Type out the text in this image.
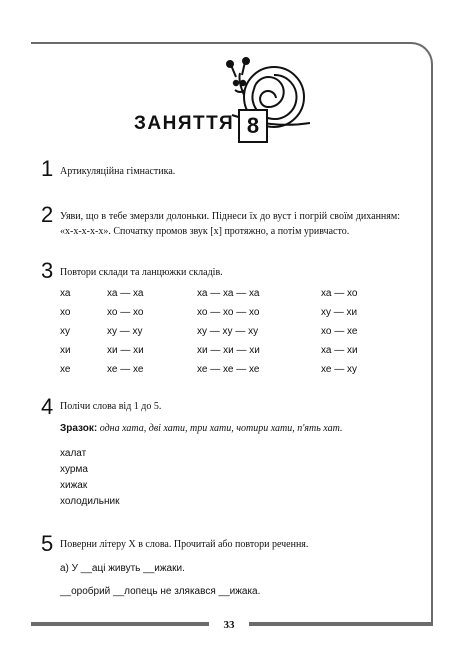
33
ЗАНЯТТЯ 8
1 Артикуляційна гімнастика.
2 Уяви, що в тебе змерзли долоньки. Піднеси їх до вуст і погрій своїм диханням: «х-х-х-х-х». Спочатку промов звук [х] протяжно, а потім уривчасто.
3 Повтори склади та ланцюжки складів.
ха	ха — ха	ха — ха — ха	ха — хо
хо	хо — хо	хо — хо — хо	ху — хи
ху	ху — ху	ху — ху — ху	хо — хе
хи	хи — хи	хи — хи — хи	ха — хи
хе	хе — хе	хе — хе — хе	хе — ху
4 Полічи слова від 1 до 5.
Зразок: одна хата, дві хати, три хати, чотири хати, п'ять хат.
халат
хурма
хижак
холодильник
5 Поверни літеру Х в слова. Прочитай або повтори речення.
а) У __аці живуть __ижаки.
__оробрий __лопець не злякався __ижака.
